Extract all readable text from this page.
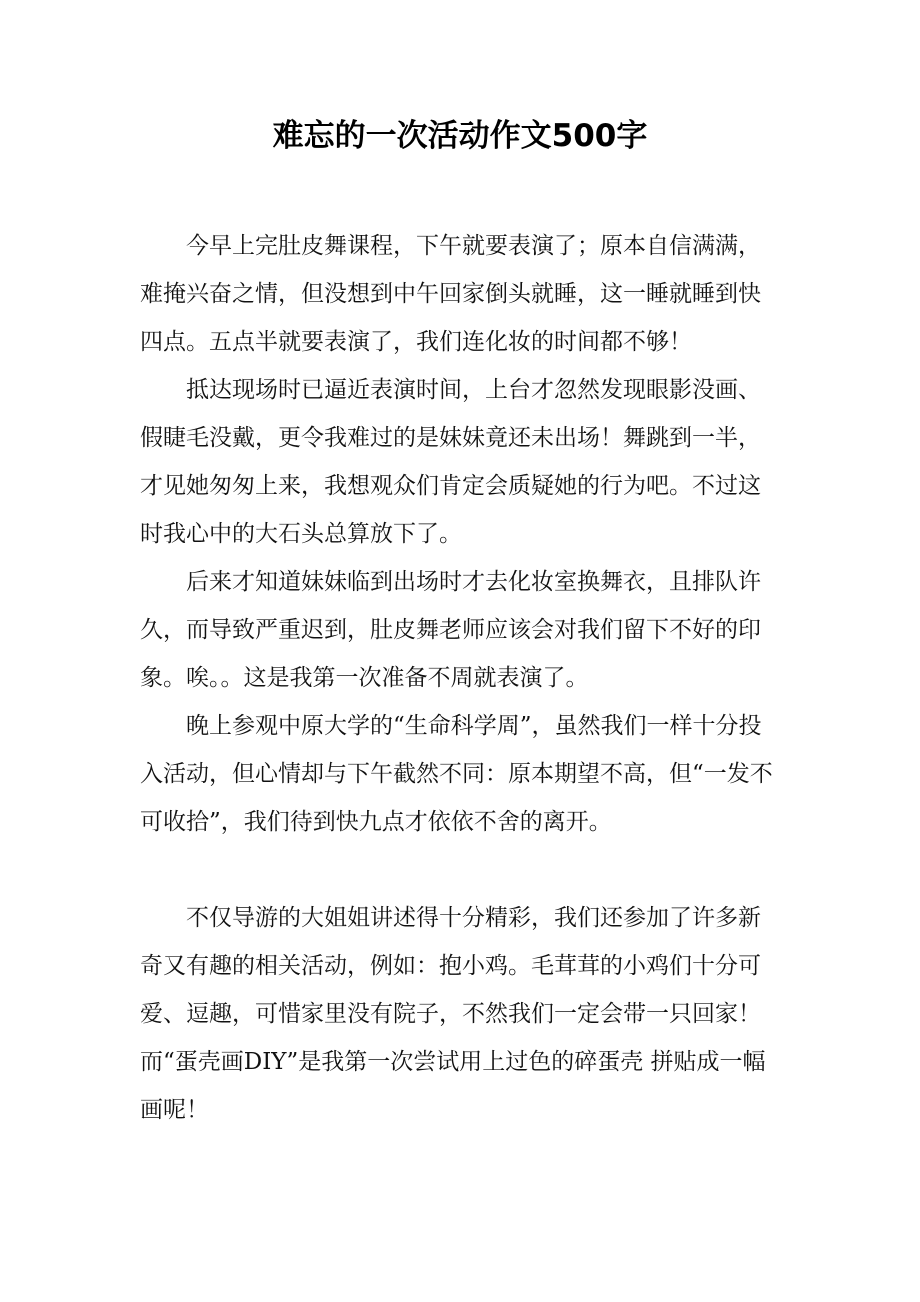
难忘的一次活动作文500字

今早上完肚皮舞课程，下午就要表演了；原本自信满满，难掩兴奋之情，但没想到中午回家倒头就睡，这一睡就睡到快四点。五点半就要表演了，我们连化妆的时间都不够！

抵达现场时已逼近表演时间，上台才忽然发现眼影没画、假睫毛没戴，更令我难过的是妹妹竟还未出场！舞跳到一半，才见她匆匆上来，我想观众们肯定会质疑她的行为吧。不过这时我心中的大石头总算放下了。

后来才知道妹妹临到出场时才去化妆室换舞衣，且排队许久，而导致严重迟到，肚皮舞老师应该会对我们留下不好的印象。唉。。这是我第一次准备不周就表演了。

晚上参观中原大学的“生命科学周”，虽然我们一样十分投入活动，但心情却与下午截然不同：原本期望不高，但“一发不可收拾”，我们待到快九点才依依不舍的离开。

不仅导游的大姐姐讲述得十分精彩，我们还参加了许多新奇又有趣的相关活动，例如：抱小鸡。毛茸茸的小鸡们十分可爱、逗趣，可惜家里没有院子，不然我们一定会带一只回家！而“蛋壳画DIY”是我第一次尝试用上过色的碎蛋壳 拼贴成一幅画呢！
